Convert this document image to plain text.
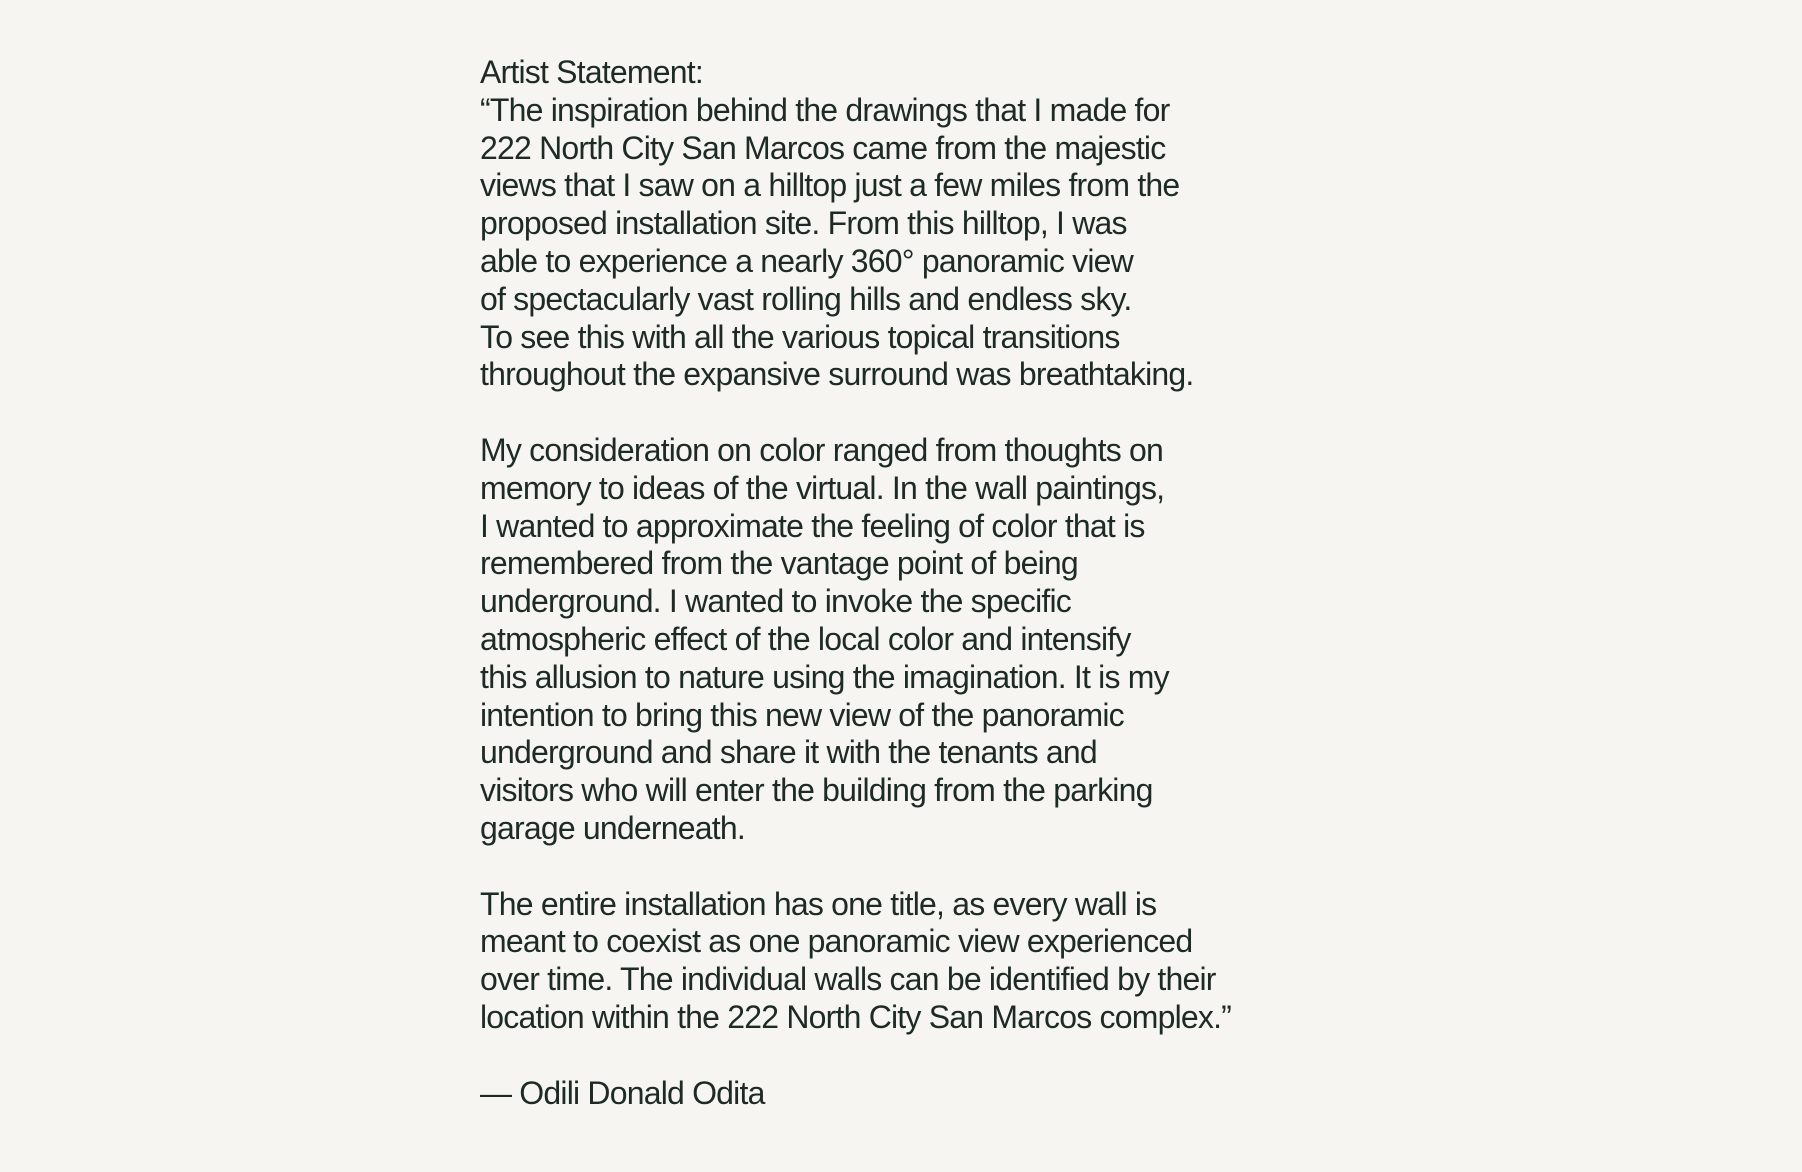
Artist Statement:
“The inspiration behind the drawings that I made for
222 North City San Marcos came from the majestic
views that I saw on a hilltop just a few miles from the
proposed installation site. From this hilltop, I was
able to experience a nearly 360° panoramic view
of spectacularly vast rolling hills and endless sky.
To see this with all the various topical transitions
throughout the expansive surround was breathtaking.
My consideration on color ranged from thoughts on
memory to ideas of the virtual. In the wall paintings,
I wanted to approximate the feeling of color that is
remembered from the vantage point of being
underground. I wanted to invoke the specific
atmospheric effect of the local color and intensify
this allusion to nature using the imagination. It is my
intention to bring this new view of the panoramic
underground and share it with the tenants and
visitors who will enter the building from the parking
garage underneath.
The entire installation has one title, as every wall is
meant to coexist as one panoramic view experienced
over time. The individual walls can be identified by their
location within the 222 North City San Marcos complex.”
— Odili Donald Odita
